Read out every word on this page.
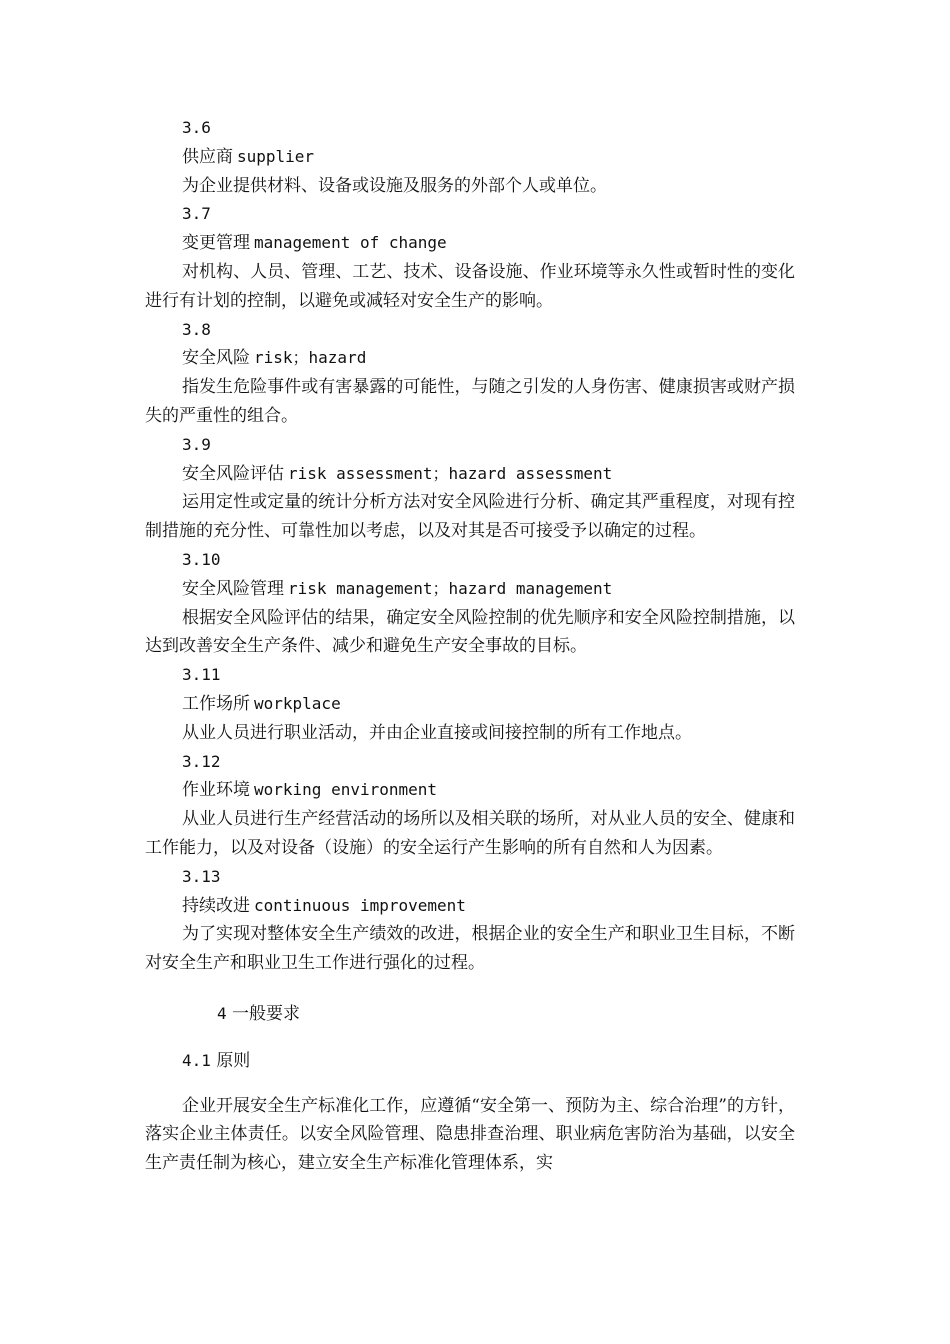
3.6
供应商 supplier

为企业提供材料、设备或设施及服务的外部个人或单位。

3.7
变更管理 management of change

对机构、人员、管理、工艺、技术、设备设施、作业环境等永久性或暂时性的变化进行有计划的控制，以避免或减轻对安全生产的影响。

3.8
安全风险 risk；hazard

指发生危险事件或有害暴露的可能性，与随之引发的人身伤害、健康损害或财产损失的严重性的组合。

3.9
安全风险评估 risk assessment；hazard assessment

运用定性或定量的统计分析方法对安全风险进行分析、确定其严重程度，对现有控制措施的充分性、可靠性加以考虑，以及对其是否可接受予以确定的过程。

3.10
安全风险管理 risk management；hazard management

根据安全风险评估的结果，确定安全风险控制的优先顺序和安全风险控制措施，以达到改善安全生产条件、减少和避免生产安全事故的目标。

3.11
工作场所 workplace

从业人员进行职业活动，并由企业直接或间接控制的所有工作地点。

3.12
作业环境 working environment

从业人员进行生产经营活动的场所以及相关联的场所，对从业人员的安全、健康和工作能力，以及对设备（设施）的安全运行产生影响的所有自然和人为因素。

3.13
持续改进 continuous improvement

为了实现对整体安全生产绩效的改进，根据企业的安全生产和职业卫生目标，不断对安全生产和职业卫生工作进行强化的过程。

4 一般要求
4.1 原则

企业开展安全生产标准化工作，应遵循“安全第一、预防为主、综合治理”的方针，落实企业主体责任。以安全风险管理、隐患排查治理、职业病危害防治为基础，以安全生产责任制为核心，建立安全生产标准化管理体系，实
